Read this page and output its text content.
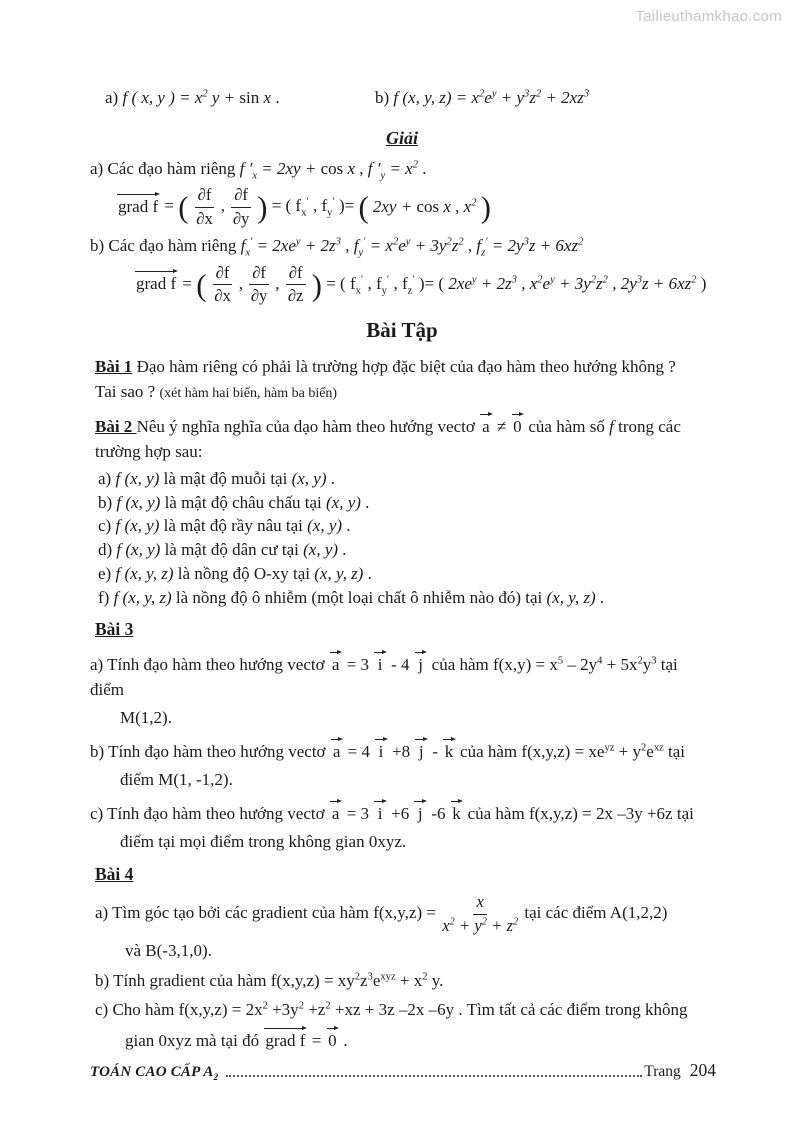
Tailieuthamkhao.com
a) f ( x, y ) = $x^2$ y + sin x .	b) f (x, y, $z) = x^2e^y + y^3z^2 + 2xz^3$
Giải
a) Các đạo hàm riêng f $'_x = 2xy + \cos x$ , f $'_y = x^2$ .
grad f = ( $\frac{\partial f}{\partial x}$ , $\frac{\partial f}{\partial y}$ ) = ( $f_x'$ , $f_y'$ )= ( 2xy + cos x , $x^2$ )
b) Các đạo hàm riêng $f_x' = 2xe^y + 2z^3$ , $f_y' = x^2e^y + 3y^2z^2$ , $f_z' = 2y^3z + 6xz^2$
grad f = ( $\frac{\partial f}{\partial x}$ , $\frac{\partial f}{\partial y}$ , $\frac{\partial f}{\partial z}$ ) = ( $f_x'$ , $f_y'$ , $f_z'$ )= ( $2xe^y + 2z^3$ , $x^2e^y + 3y^2z^2$ , $2y^3z + 6xz^2$ )
Bài Tập
Bài 1 Đạo hàm riêng có phải là trường hợp đặc biệt của đạo hàm theo hướng không ?
Tai sao ? (xét hàm hai biến, hàm ba biến)
Bài 2 Nêu ý nghĩa nghĩa của dạo hàm theo hướng vectơ a ≠ 0 của hàm số f trong các
trường hợp sau:
a) f (x, y) là mật độ muỗi tại (x, y) .
b) f (x, y) là mật độ châu chấu tại (x, y) .
c) f (x, y) là mật độ rầy nâu tại (x, y) .
d) f (x, y) là mật độ dân cư tại (x, y) .
e) f (x, y, z) là nồng độ O-xy tại (x, y, z) .
f) f (x, y, z) là nồng độ ô nhiễm (một loại chất ô nhiễm nào đó) tại (x, y, z) .
Bài 3
a) Tính đạo hàm theo hướng vectơ a = 3 i - 4 j của hàm $f(x,y) = x^5 - 2y^4 + 5x^2y^3$ tại điểm
M(1,2).
b) Tính đạo hàm theo hướng vectơ a = 4 i +8 j - k của hàm $f(x,y,z) = xe^{yz} + y^2e^{xz}$ tại
điểm M(1, -1,2).
c) Tính đạo hàm theo hướng vectơ a = 3 i +6 j -6 k của hàm f(x,y,z) = 2x –3y +6z tại
điểm tại mọi điểm trong không gian 0xyz.
Bài 4
a) Tìm góc tạo bởi các gradient của hàm $f(x,y,z) = \frac{x}{x^2 + y^2 + z^2}$ tại các điểm A(1,2,2)
và B(-3,1,0).
b) Tính gradient của hàm $f(x,y,z) = xy^2z^3e^{xyz} + x^2$ y.
c) Cho hàm $f(x,y,z) = 2x^2 +3y^2 +z^2 +xz + 3z$ –2x –6y . Tìm tất cả các điểm trong không
gian 0xyz mà tại đó grad f = 0 .
TOÁN CAO CẤP $A_2$	Trang 204
